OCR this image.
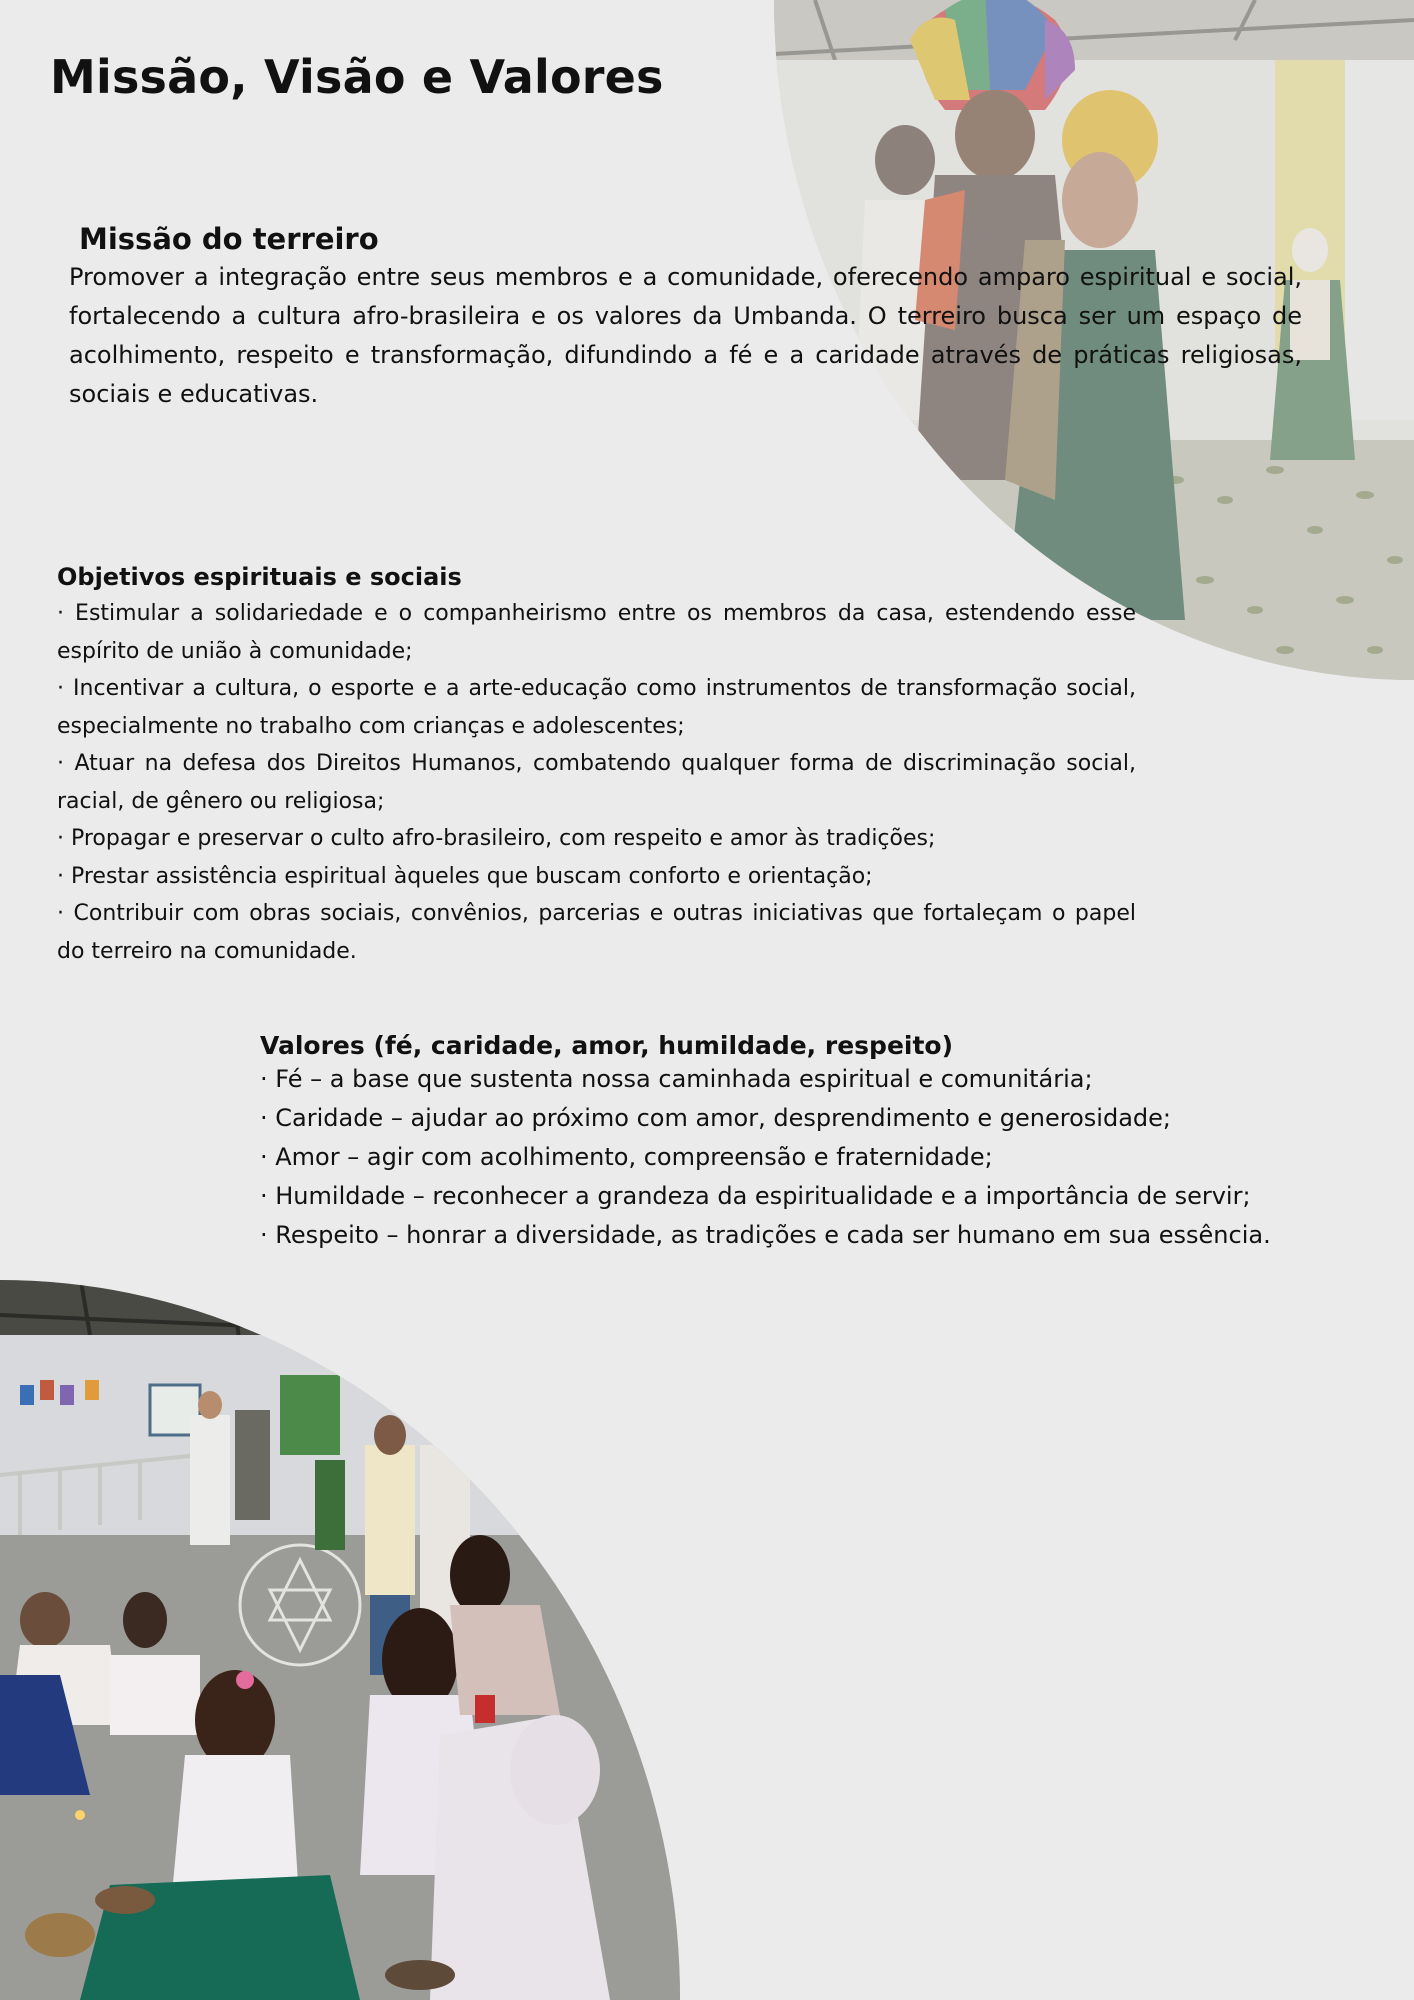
Missão, Visão e Valores
Missão do terreiro

Promover a integração entre seus membros e a comunidade, oferecendo amparo espiritual e social, fortalecendo a cultura afro-brasileira e os valores da Umbanda. O terreiro busca ser um espaço de acolhimento, respeito e transformação, difundindo a fé e a caridade através de práticas religiosas, sociais e educativas.

Objetivos espirituais e sociais

· Estimular a solidariedade e o companheirismo entre os membros da casa, estendendo esse espírito de união à comunidade;

· Incentivar a cultura, o esporte e a arte-educação como instrumentos de transformação social, especialmente no trabalho com crianças e adolescentes;

· Atuar na defesa dos Direitos Humanos, combatendo qualquer forma de discriminação social, racial, de gênero ou religiosa;

· Propagar e preservar o culto afro-brasileiro, com respeito e amor às tradições;

· Prestar assistência espiritual àqueles que buscam conforto e orientação;

· Contribuir com obras sociais, convênios, parcerias e outras iniciativas que fortaleçam o papel do terreiro na comunidade.

Valores (fé, caridade, amor, humildade, respeito)

· Fé – a base que sustenta nossa caminhada espiritual e comunitária;

· Caridade – ajudar ao próximo com amor, desprendimento e generosidade;

· Amor – agir com acolhimento, compreensão e fraternidade;

· Humildade – reconhecer a grandeza da espiritualidade e a importância de servir;

· Respeito – honrar a diversidade, as tradições e cada ser humano em sua essência.
